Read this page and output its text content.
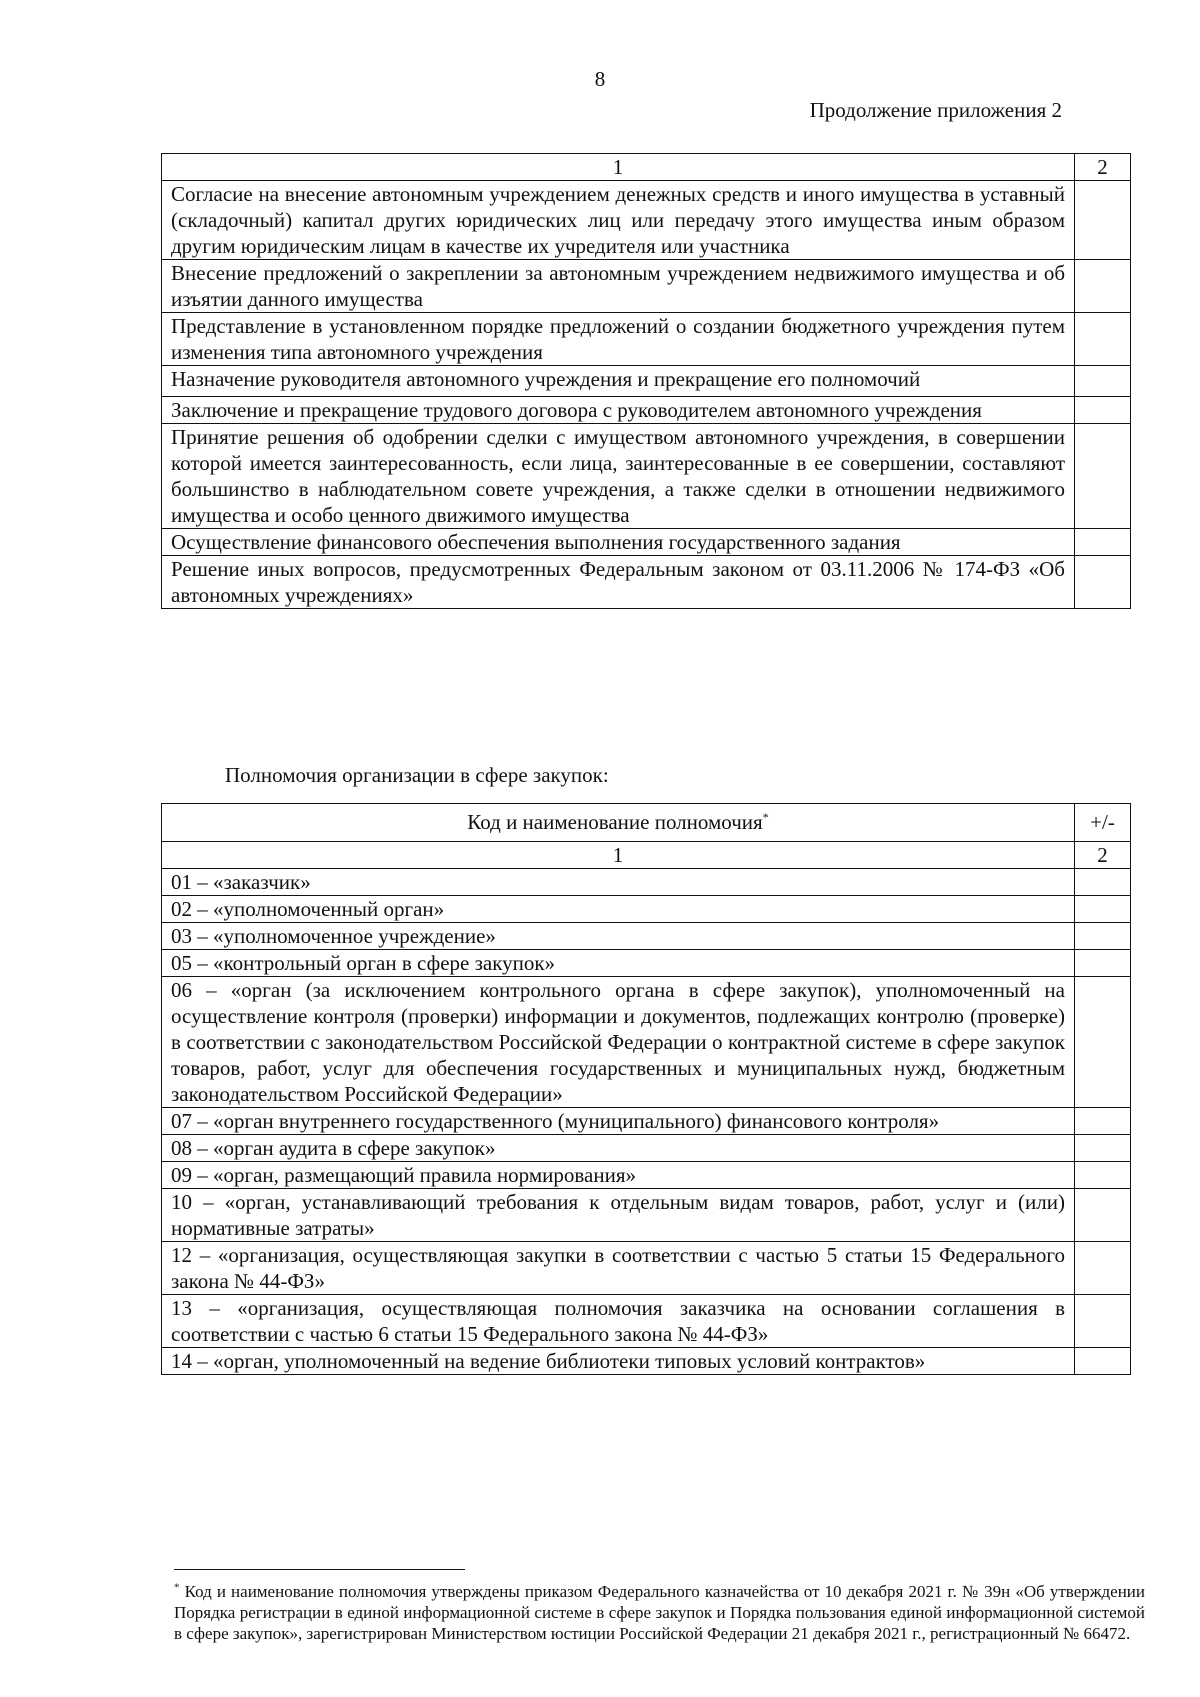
8
Продолжение приложения 2
1	2
Согласие на внесение автономным учреждением денежных средств и иного имущества в уставный (складочный) капитал других юридических лиц или передачу этого имущества иным образом другим юридическим лицам в качестве их учредителя или участника	
Внесение предложений о закреплении за автономным учреждением недвижимого имущества и об изъятии данного имущества	
Представление в установленном порядке предложений о создании бюджетного учреждения путем изменения типа автономного учреждения	
Назначение руководителя автономного учреждения и прекращение его полномочий	
Заключение и прекращение трудового договора с руководителем автономного учреждения	
Принятие решения об одобрении сделки с имуществом автономного учреждения, в совершении которой имеется заинтересованность, если лица, заинтересованные в ее совершении, составляют большинство в наблюдательном совете учреждения, а также сделки в отношении недвижимого имущества и особо ценного движимого имущества	
Осуществление финансового обеспечения выполнения государственного задания	
Решение иных вопросов, предусмотренных Федеральным законом от 03.11.2006 № 174-ФЗ «Об автономных учреждениях»	
Полномочия организации в сфере закупок:
Код и наименование полномочия*	+/-
1	2
01 – «заказчик»	
02 – «уполномоченный орган»	
03 – «уполномоченное учреждение»	
05 – «контрольный орган в сфере закупок»	
06 – «орган (за исключением контрольного органа в сфере закупок), уполномоченный на осуществление контроля (проверки) информации и документов, подлежащих контролю (проверке) в соответствии с законодательством Российской Федерации о контрактной системе в сфере закупок товаров, работ, услуг для обеспечения государственных и муниципальных нужд, бюджетным законодательством Российской Федерации»	
07 – «орган внутреннего государственного (муниципального) финансового контроля»	
08 – «орган аудита в сфере закупок»	
09 – «орган, размещающий правила нормирования»	
10 – «орган, устанавливающий требования к отдельным видам товаров, работ, услуг и (или) нормативные затраты»	
12 – «организация, осуществляющая закупки в соответствии с частью 5 статьи 15 Федерального закона № 44-ФЗ»	
13 – «организация, осуществляющая полномочия заказчика на основании соглашения в соответствии с частью 6 статьи 15 Федерального закона № 44-ФЗ»	
14 – «орган, уполномоченный на ведение библиотеки типовых условий контрактов»	
* Код и наименование полномочия утверждены приказом Федерального казначейства от 10 декабря 2021 г. № 39н «Об утверждении Порядка регистрации в единой информационной системе в сфере закупок и Порядка пользования единой информационной системой в сфере закупок», зарегистрирован Министерством юстиции Российской Федерации 21 декабря 2021 г., регистрационный № 66472.
